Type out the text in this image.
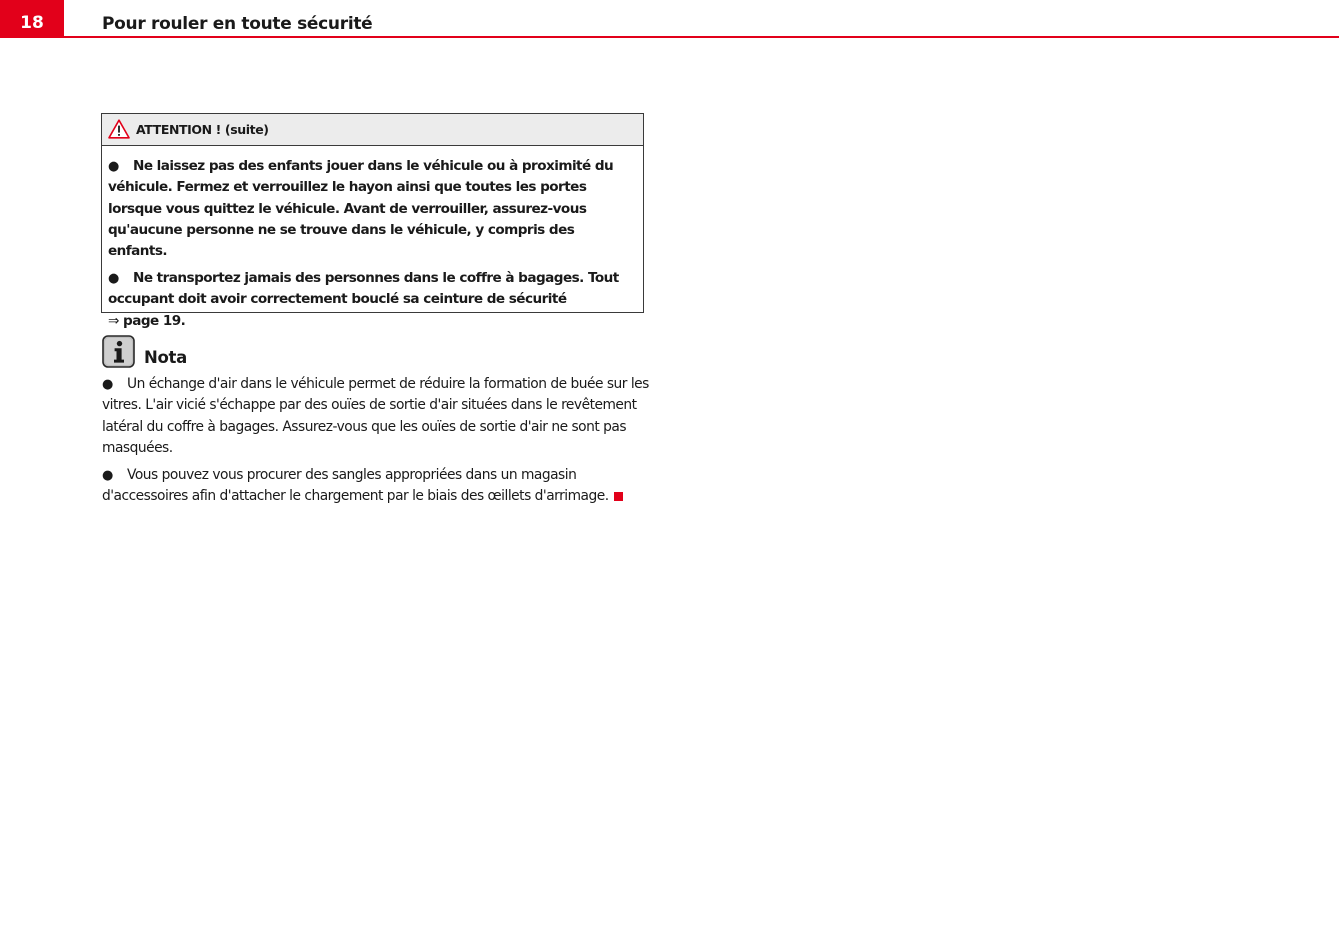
18	Pour rouler en toute sécurité
ATTENTION ! (suite)

● Ne laissez pas des enfants jouer dans le véhicule ou à proximité du véhicule. Fermez et verrouillez le hayon ainsi que toutes les portes lorsque vous quittez le véhicule. Avant de verrouiller, assurez-vous qu'aucune personne ne se trouve dans le véhicule, y compris des enfants.

● Ne transportez jamais des personnes dans le coffre à bagages. Tout occupant doit avoir correctement bouclé sa ceinture de sécurité
⇒ page 19.

Nota

● Un échange d'air dans le véhicule permet de réduire la formation de buée sur les vitres. L'air vicié s'échappe par des ouïes de sortie d'air situées dans le revêtement latéral du coffre à bagages. Assurez-vous que les ouïes de sortie d'air ne sont pas masquées.

● Vous pouvez vous procurer des sangles appropriées dans un magasin d'accessoires afin d'attacher le chargement par le biais des œillets d'arrimage.
